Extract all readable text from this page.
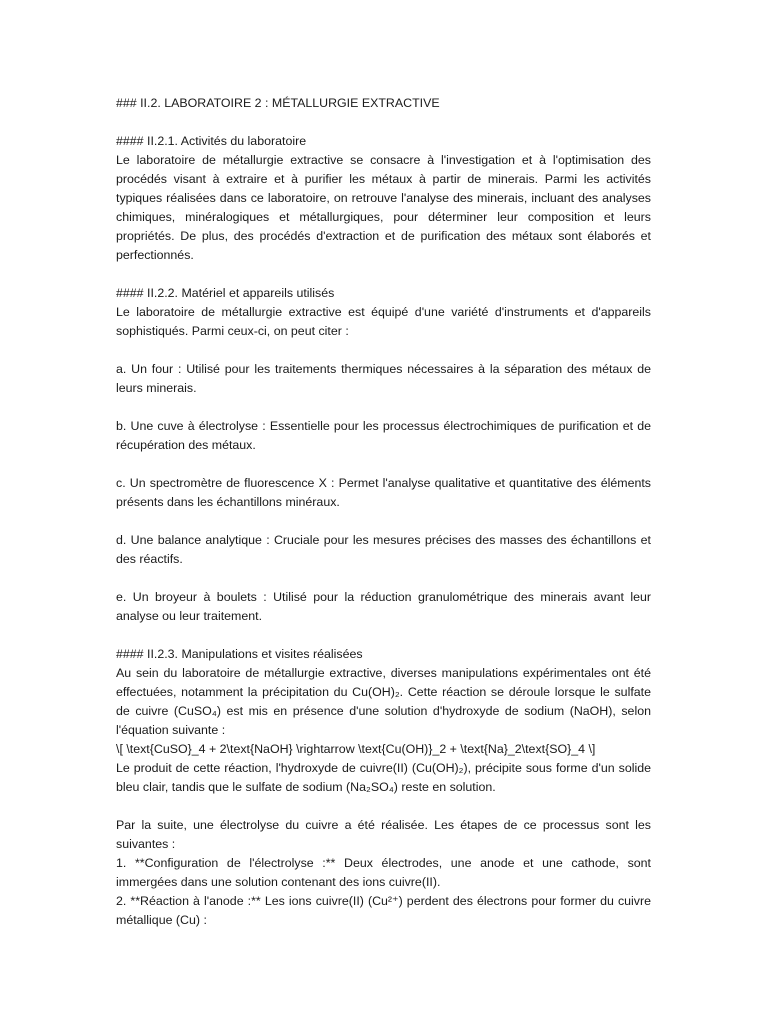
### II.2. LABORATOIRE 2 : MÉTALLURGIE EXTRACTIVE
#### II.2.1. Activités du laboratoire

Le laboratoire de métallurgie extractive se consacre à l'investigation et à l'optimisation des procédés visant à extraire et à purifier les métaux à partir de minerais. Parmi les activités typiques réalisées dans ce laboratoire, on retrouve l'analyse des minerais, incluant des analyses chimiques, minéralogiques et métallurgiques, pour déterminer leur composition et leurs propriétés. De plus, des procédés d'extraction et de purification des métaux sont élaborés et perfectionnés.

#### II.2.2. Matériel et appareils utilisés

Le laboratoire de métallurgie extractive est équipé d'une variété d'instruments et d'appareils sophistiqués. Parmi ceux-ci, on peut citer :

a. Un four : Utilisé pour les traitements thermiques nécessaires à la séparation des métaux de leurs minerais.

b. Une cuve à électrolyse : Essentielle pour les processus électrochimiques de purification et de récupération des métaux.

c. Un spectromètre de fluorescence X : Permet l'analyse qualitative et quantitative des éléments présents dans les échantillons minéraux.

d. Une balance analytique : Cruciale pour les mesures précises des masses des échantillons et des réactifs.

e. Un broyeur à boulets : Utilisé pour la réduction granulométrique des minerais avant leur analyse ou leur traitement.

#### II.2.3. Manipulations et visites réalisées

Au sein du laboratoire de métallurgie extractive, diverses manipulations expérimentales ont été effectuées, notamment la précipitation du Cu(OH)₂. Cette réaction se déroule lorsque le sulfate de cuivre (CuSO₄) est mis en présence d'une solution d'hydroxyde de sodium (NaOH), selon l'équation suivante :

\[ \text{CuSO}_4 + 2\text{NaOH} \rightarrow \text{Cu(OH)}_2 + \text{Na}_2\text{SO}_4 \]

Le produit de cette réaction, l'hydroxyde de cuivre(II) (Cu(OH)₂), précipite sous forme d'un solide bleu clair, tandis que le sulfate de sodium (Na₂SO₄) reste en solution.

Par la suite, une électrolyse du cuivre a été réalisée. Les étapes de ce processus sont les suivantes :

1. **Configuration de l'électrolyse :** Deux électrodes, une anode et une cathode, sont immergées dans une solution contenant des ions cuivre(II).

2. **Réaction à l'anode :** Les ions cuivre(II) (Cu²⁺) perdent des électrons pour former du cuivre métallique (Cu) :
